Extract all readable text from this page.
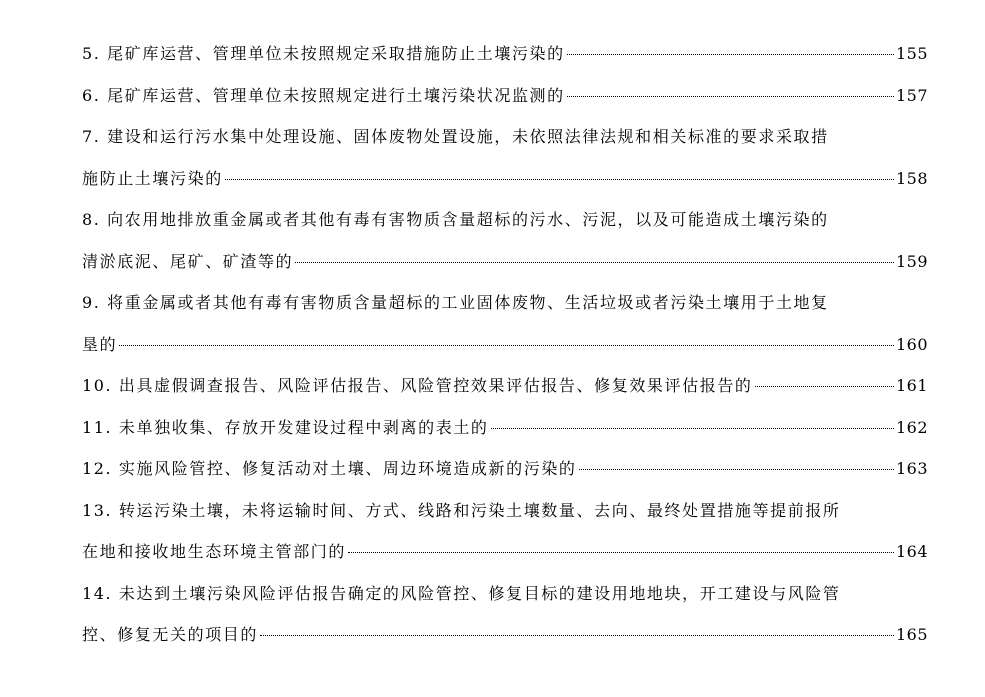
5. 尾矿库运营、管理单位未按照规定采取措施防止土壤污染的	155
6. 尾矿库运营、管理单位未按照规定进行土壤污染状况监测的	157
7. 建设和运行污水集中处理设施、固体废物处置设施，未依照法律法规和相关标准的要求采取措
施防止土壤污染的	158
8. 向农用地排放重金属或者其他有毒有害物质含量超标的污水、污泥，以及可能造成土壤污染的
清淤底泥、尾矿、矿渣等的	159
9. 将重金属或者其他有毒有害物质含量超标的工业固体废物、生活垃圾或者污染土壤用于土地复
垦的	160
10. 出具虚假调查报告、风险评估报告、风险管控效果评估报告、修复效果评估报告的	161
11. 未单独收集、存放开发建设过程中剥离的表土的	162
12. 实施风险管控、修复活动对土壤、周边环境造成新的污染的	163
13. 转运污染土壤，未将运输时间、方式、线路和污染土壤数量、去向、最终处置措施等提前报所
在地和接收地生态环境主管部门的	164
14. 未达到土壤污染风险评估报告确定的风险管控、修复目标的建设用地地块，开工建设与风险管
控、修复无关的项目的	165
